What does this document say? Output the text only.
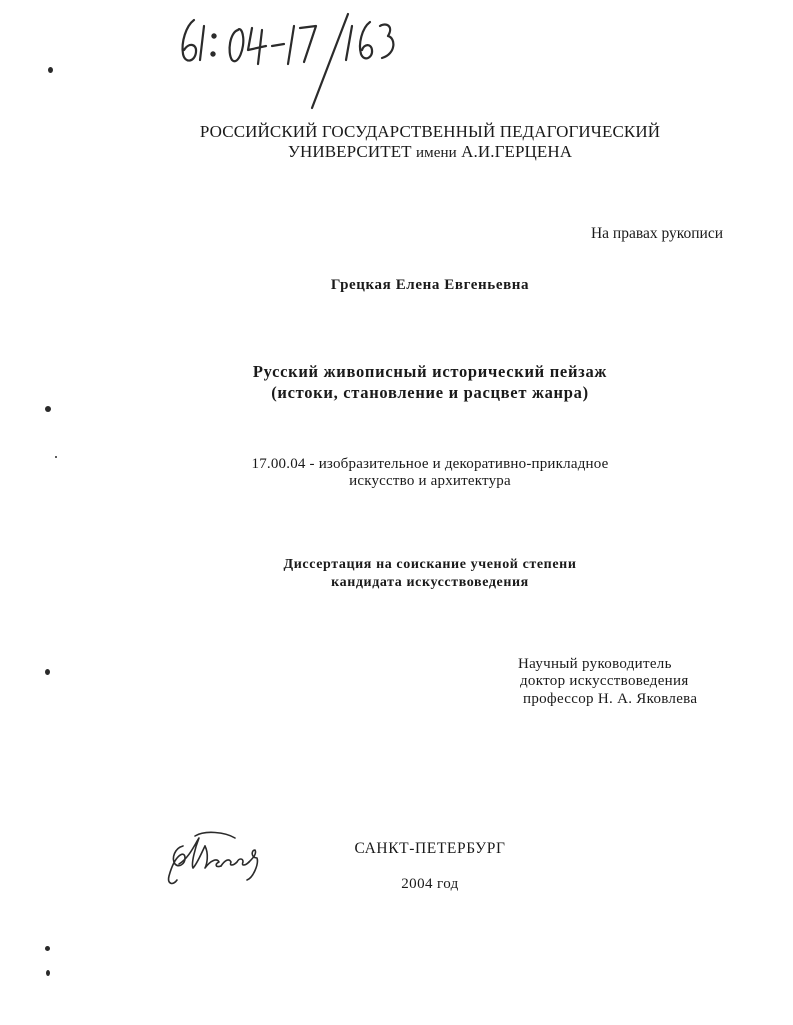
РОССИЙСКИЙ ГОСУДАРСТВЕННЫЙ ПЕДАГОГИЧЕСКИЙ
УНИВЕРСИТЕТ имени А.И.ГЕРЦЕНА
На правах рукописи
Грецкая Елена Евгеньевна
Русский живописный исторический пейзаж
(истоки, становление и расцвет жанра)
17.00.04 - изобразительное и декоративно-прикладное
искусство и архитектура
Диссертация на соискание ученой степени
кандидата искусствоведения
Научный руководитель
доктор искусствоведения
профессор Н. А. Яковлева
САНКТ-ПЕТЕРБУРГ
2004 год
